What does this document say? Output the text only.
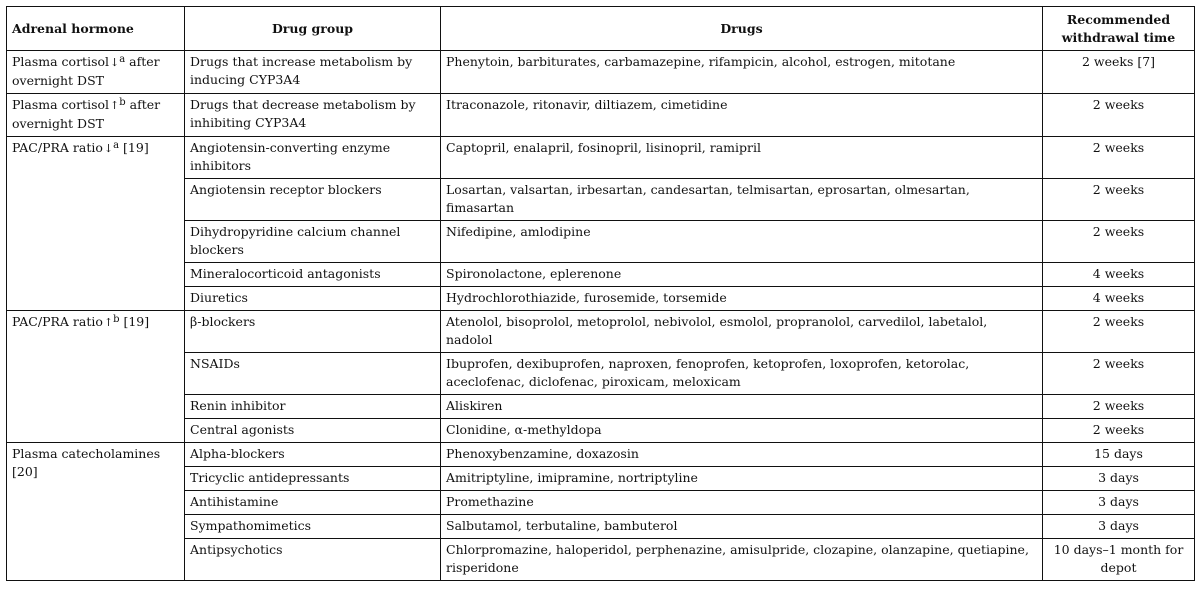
Adrenal hormone	Drug group	Drugs	Recommended withdrawal time
Plasma cortisol↓$^a$ after overnight DST	Drugs that increase metabolism by inducing CYP3A4	Phenytoin, barbiturates, carbamazepine, rifampicin, alcohol, estrogen, mitotane	2 weeks [7]
Plasma cortisol↑$^b$ after overnight DST	Drugs that decrease metabolism by inhibiting CYP3A4	Itraconazole, ritonavir, diltiazem, cimetidine	2 weeks
PAC/PRA ratio↓$^a$ [19]	Angiotensin-converting enzyme inhibitors	Captopril, enalapril, fosinopril, lisinopril, ramipril	2 weeks
	Angiotensin receptor blockers	Losartan, valsartan, irbesartan, candesartan, telmisartan, eprosartan, olmesartan, fimasartan	2 weeks
	Dihydropyridine calcium channel blockers	Nifedipine, amlodipine	2 weeks
	Mineralocorticoid antagonists	Spironolactone, eplerenone	4 weeks
	Diuretics	Hydrochlorothiazide, furosemide, torsemide	4 weeks
PAC/PRA ratio↑$^b$ [19]	β-blockers	Atenolol, bisoprolol, metoprolol, nebivolol, esmolol, propranolol, carvedilol, labetalol, nadolol	2 weeks
	NSAIDs	Ibuprofen, dexibuprofen, naproxen, fenoprofen, ketoprofen, loxoprofen, ketorolac, aceclofenac, diclofenac, piroxicam, meloxicam	2 weeks
	Renin inhibitor	Aliskiren	2 weeks
	Central agonists	Clonidine, α-methyldopa	2 weeks
Plasma catecholamines [20]	Alpha-blockers	Phenoxybenzamine, doxazosin	15 days
	Tricyclic antidepressants	Amitriptyline, imipramine, nortriptyline	3 days
	Antihistamine	Promethazine	3 days
	Sympathomimetics	Salbutamol, terbutaline, bambuterol	3 days
	Antipsychotics	Chlorpromazine, haloperidol, perphenazine, amisulpride, clozapine, olanzapine, quetiapine, risperidone	10 days–1 month for depot
